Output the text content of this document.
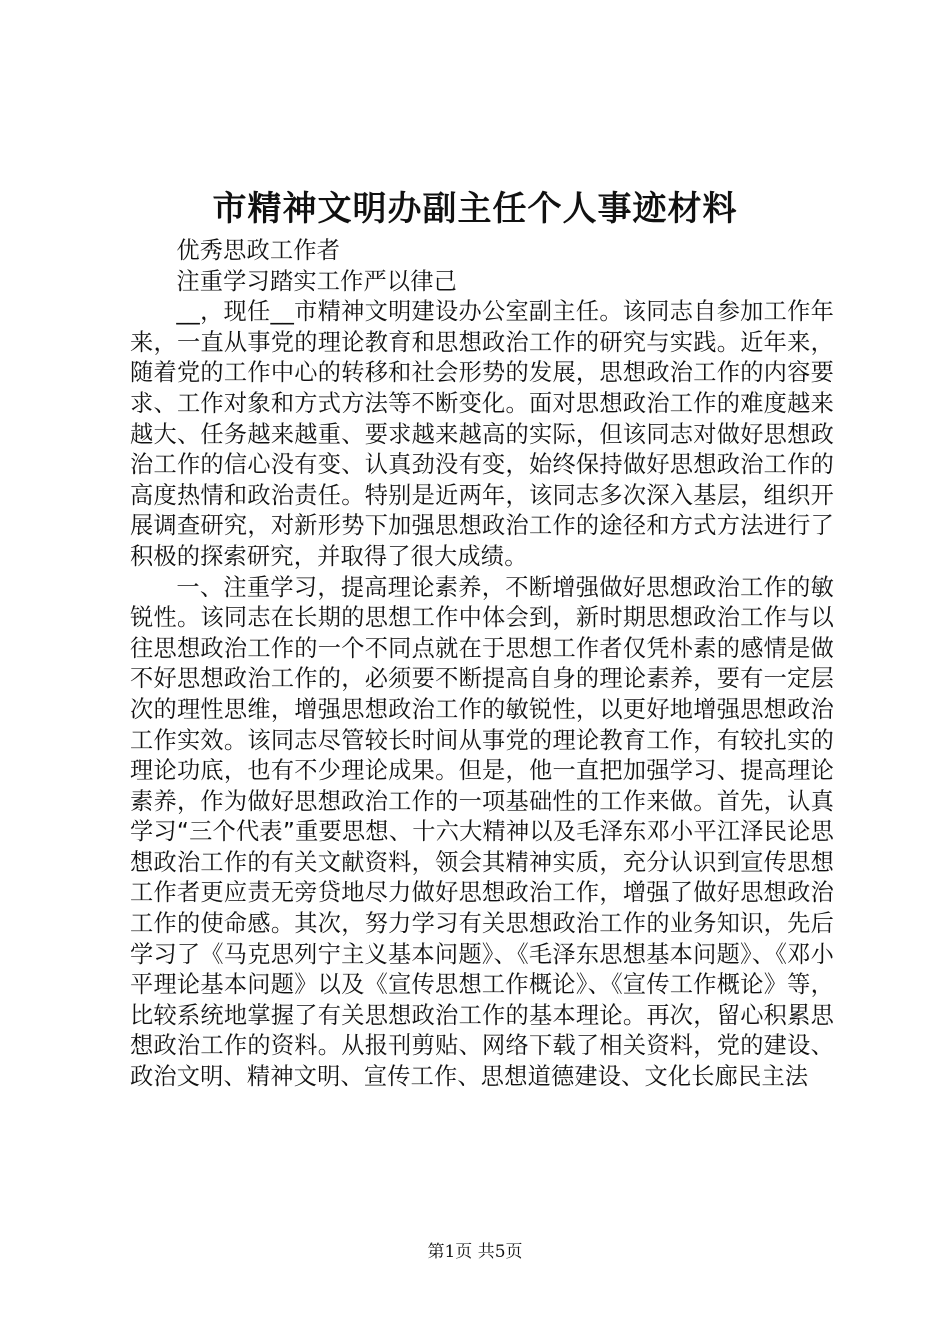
市精神文明办副主任个人事迹材料

优秀思政工作者

注重学习踏实工作严以律己

__，现任__市精神文明建设办公室副主任。该同志自参加工作年来，一直从事党的理论教育和思想政治工作的研究与实践。近年来，随着党的工作中心的转移和社会形势的发展，思想政治工作的内容要求、工作对象和方式方法等不断变化。面对思想政治工作的难度越来越大、任务越来越重、要求越来越高的实际，但该同志对做好思想政治工作的信心没有变、认真劲没有变，始终保持做好思想政治工作的高度热情和政治责任。特别是近两年，该同志多次深入基层，组织开展调查研究，对新形势下加强思想政治工作的途径和方式方法进行了积极的探索研究，并取得了很大成绩。

一、注重学习，提高理论素养，不断增强做好思想政治工作的敏锐性。该同志在长期的思想工作中体会到，新时期思想政治工作与以往思想政治工作的一个不同点就在于思想工作者仅凭朴素的感情是做不好思想政治工作的，必须要不断提高自身的理论素养，要有一定层次的理性思维，增强思想政治工作的敏锐性，以更好地增强思想政治工作实效。该同志尽管较长时间从事党的理论教育工作，有较扎实的理论功底，也有不少理论成果。但是，他一直把加强学习、提高理论素养，作为做好思想政治工作的一项基础性的工作来做。首先，认真学习“三个代表”重要思想、十六大精神以及毛泽东邓小平江泽民论思想政治工作的有关文献资料，领会其精神实质，充分认识到宣传思想工作者更应责无旁贷地尽力做好思想政治工作，增强了做好思想政治工作的使命感。其次，努力学习有关思想政治工作的业务知识，先后学习了《马克思列宁主义基本问题》、《毛泽东思想基本问题》、《邓小平理论基本问题》以及《宣传思想工作概论》、《宣传工作概论》等，比较系统地掌握了有关思想政治工作的基本理论。再次，留心积累思想政治工作的资料。从报刊剪贴、网络下载了相关资料，党的建设、政治文明、精神文明、宣传工作、思想道德建设、文化长廊民主法

第1页 共5页
